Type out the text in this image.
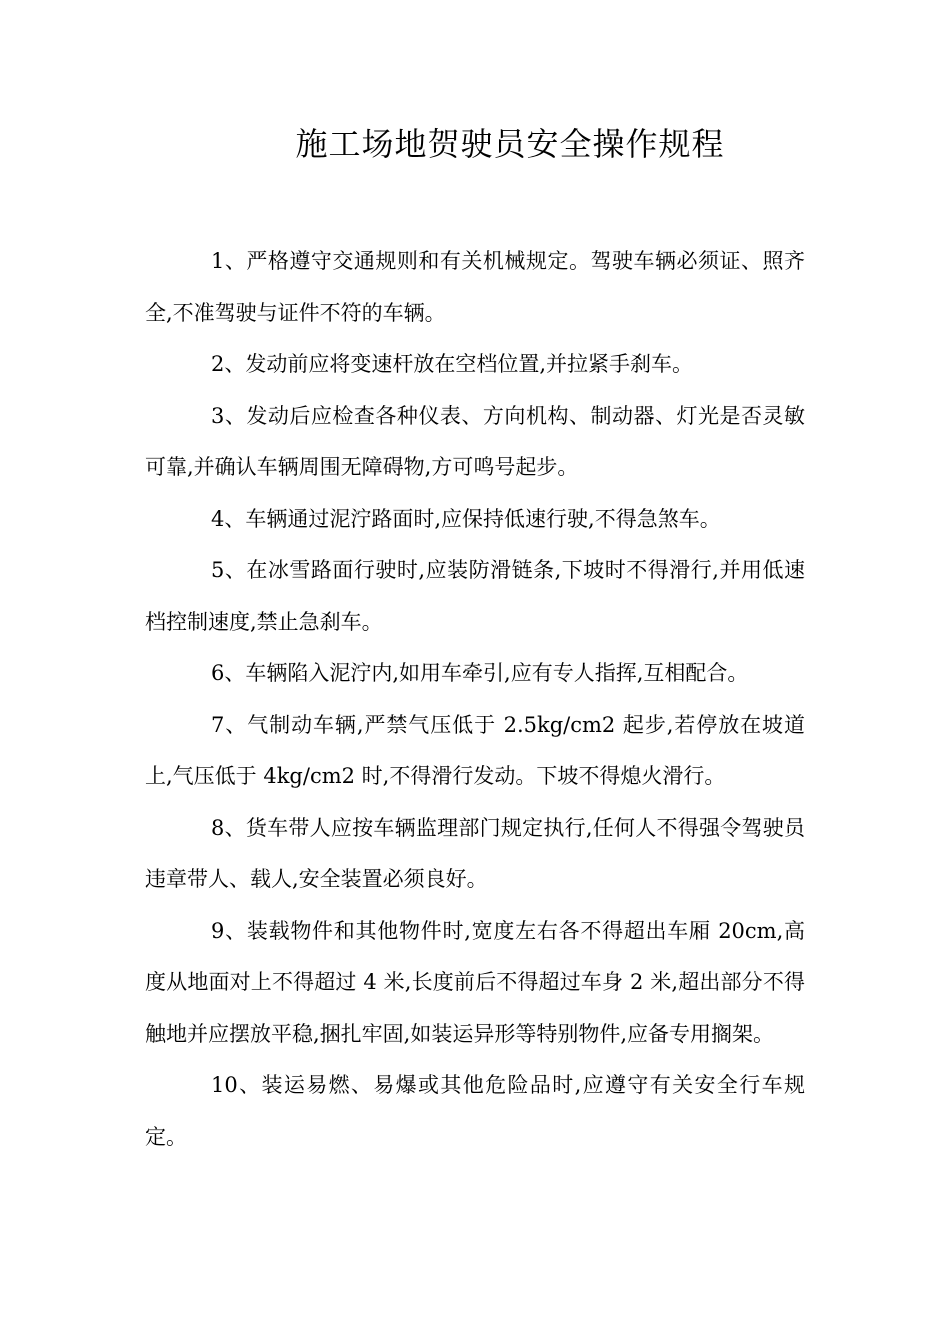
施工场地贺驶员安全操作规程

1、严格遵守交通规则和有关机械规定。驾驶车辆必须证、照齐全,不准驾驶与证件不符的车辆。

2、发动前应将变速杆放在空档位置,并拉紧手刹车。

3、发动后应检查各种仪表、方向机构、制动器、灯光是否灵敏可靠,并确认车辆周围无障碍物,方可鸣号起步。

4、车辆通过泥泞路面时,应保持低速行驶,不得急煞车。

5、在冰雪路面行驶时,应装防滑链条,下坡时不得滑行,并用低速档控制速度,禁止急刹车。

6、车辆陷入泥泞内,如用车牵引,应有专人指挥,互相配合。

7、气制动车辆,严禁气压低于 2.5kg/cm2 起步,若停放在坡道上,气压低于 4kg/cm2 时,不得滑行发动。下坡不得熄火滑行。

8、货车带人应按车辆监理部门规定执行,任何人不得强令驾驶员违章带人、载人,安全装置必须良好。

9、装载物件和其他物件时,宽度左右各不得超出车厢 20cm,高度从地面对上不得超过 4 米,长度前后不得超过车身 2 米,超出部分不得触地并应摆放平稳,捆扎牢固,如装运异形等特别物件,应备专用搁架。

10、装运易燃、易爆或其他危险品时,应遵守有关安全行车规定。
